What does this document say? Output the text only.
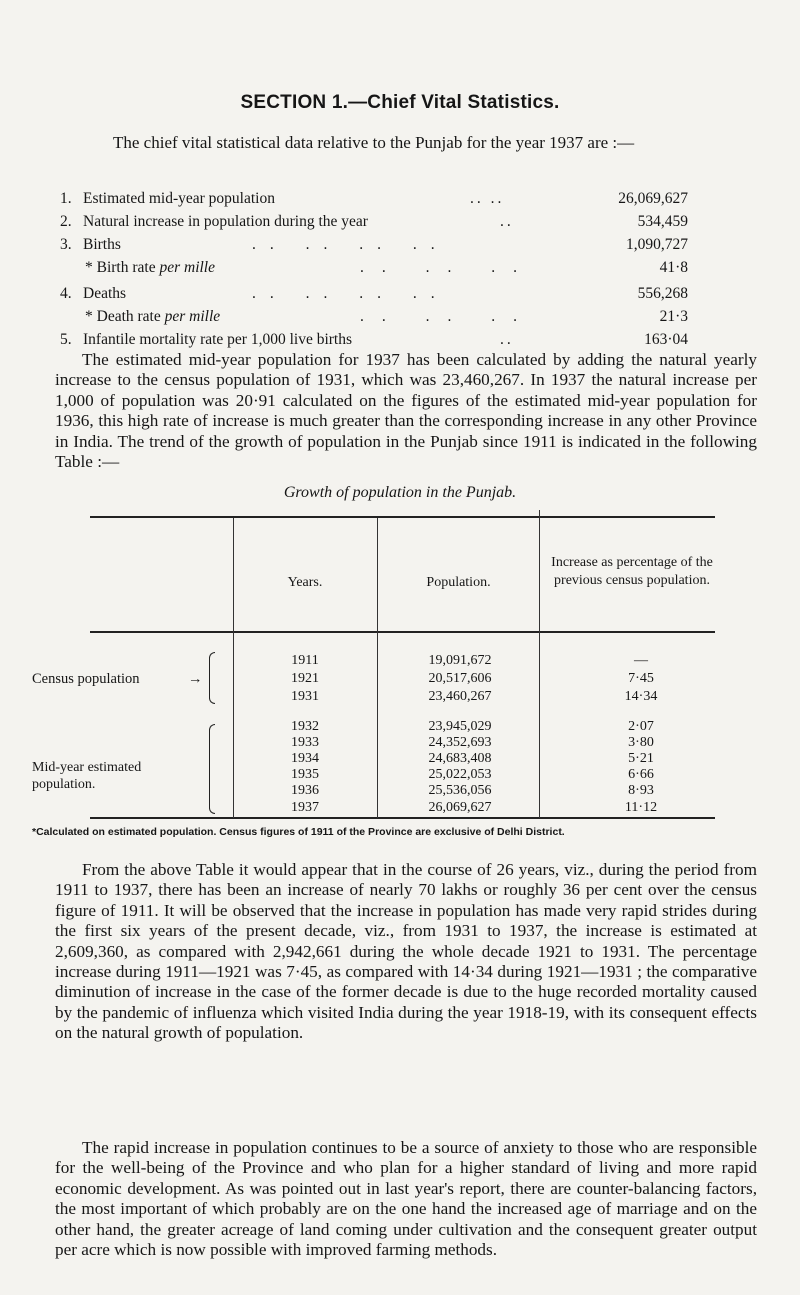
SECTION 1.—Chief Vital Statistics.
The chief vital statistical data relative to the Punjab for the year 1937 are :—
1. Estimated mid-year population	.. ..	26,069,627
2. Natural increase in population during the year	..	534,459
3. Births	.. .. .. ..	1,090,727
* Birth rate per mille	.. .. ..	41·8
4. Deaths	.. .. .. ..	556,268
* Death rate per mille	.. .. ..	21·3
5. Infantile mortality rate per 1,000 live births	..	163·04
The estimated mid-year population for 1937 has been calculated by adding the natural yearly increase to the census population of 1931, which was 23,460,267. In 1937 the natural increase per 1,000 of population was 20·91 calculated on the figures of the estimated mid-year population for 1936, this high rate of increase is much greater than the corresponding increase in any other Province in India. The trend of the growth of population in the Punjab since 1911 is indicated in the following Table :—
Growth of population in the Punjab.
Years.	Population.
Increase as percentage of the previous census population.
Census population	→
1911	19,091,672	—
1921	20,517,606	7·45
1931	23,460,267	14·34
Mid-year estimated population.
1932	23,945,029	2·07
1933	24,352,693	3·80
1934	24,683,408	5·21
1935	25,022,053	6·66
1936	25,536,056	8·93
1937	26,069,627	11·12
*Calculated on estimated population. Census figures of 1911 of the Province are exclusive of Delhi District.
From the above Table it would appear that in the course of 26 years, viz., during the period from 1911 to 1937, there has been an increase of nearly 70 lakhs or roughly 36 per cent over the census figure of 1911. It will be observed that the increase in population has made very rapid strides during the first six years of the present decade, viz., from 1931 to 1937, the increase is estimated at 2,609,360, as compared with 2,942,661 during the whole decade 1921 to 1931. The percentage increase during 1911—1921 was 7·45, as compared with 14·34 during 1921—1931 ; the comparative diminution of increase in the case of the former decade is due to the huge recorded mortality caused by the pandemic of influenza which visited India during the year 1918-19, with its consequent effects on the natural growth of population.
The rapid increase in population continues to be a source of anxiety to those who are responsible for the well-being of the Province and who plan for a higher standard of living and more rapid economic development. As was pointed out in last year's report, there are counter-balancing factors, the most important of which probably are on the one hand the increased age of marriage and on the other hand, the greater acreage of land coming under cultivation and the consequent greater output per acre which is now possible with improved farming methods.
